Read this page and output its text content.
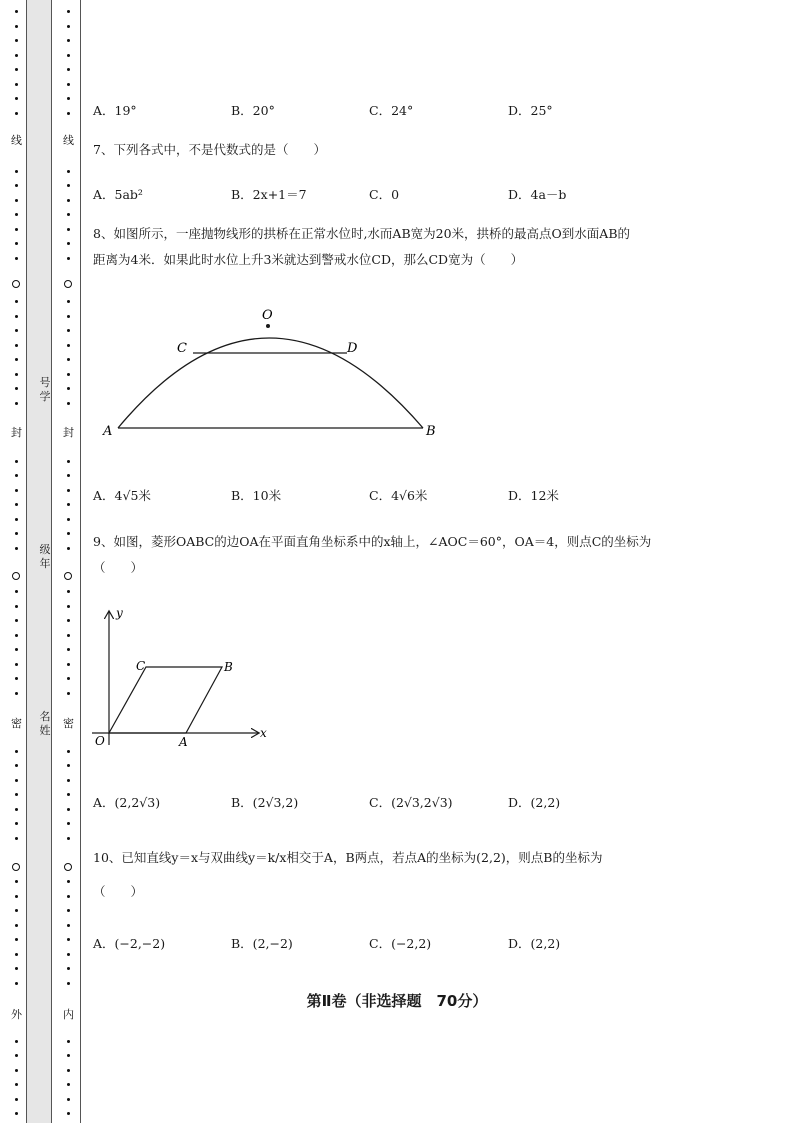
线
封
密
外
线
封
密
内
号学
级年
名姓
A．19°	B．20°	C．24°	D．25°
7、下列各式中，不是代数式的是（　　）
A．5ab²	B．2x+1＝7	C．0	D．4a－b
8、如图所示，一座抛物线形的拱桥在正常水位时,水而AB宽为20米，拱桥的最高点O到水面AB的
距离为4米．如果此时水位上升3米就达到警戒水位CD，那么CD宽为（　　）
O
C	D
A	B
A．4√5米	B．10米	C．4√6米	D．12米
9、如图，菱形OABC的边OA在平面直角坐标系中的x轴上，∠AOC＝60°，OA＝4，则点C的坐标为
（　　）
y
x
O	A
B
C
A．(2,2√3)	B．(2√3,2)	C．(2√3,2√3)	D．(2,2)
10、已知直线y＝x与双曲线y＝k/x相交于A，B两点，若点A的坐标为(2,2)，则点B的坐标为
（　　）
A．(−2,−2)	B．(2,−2)	C．(−2,2)	D．(2,2)
第Ⅱ卷（非选择题　70分）
